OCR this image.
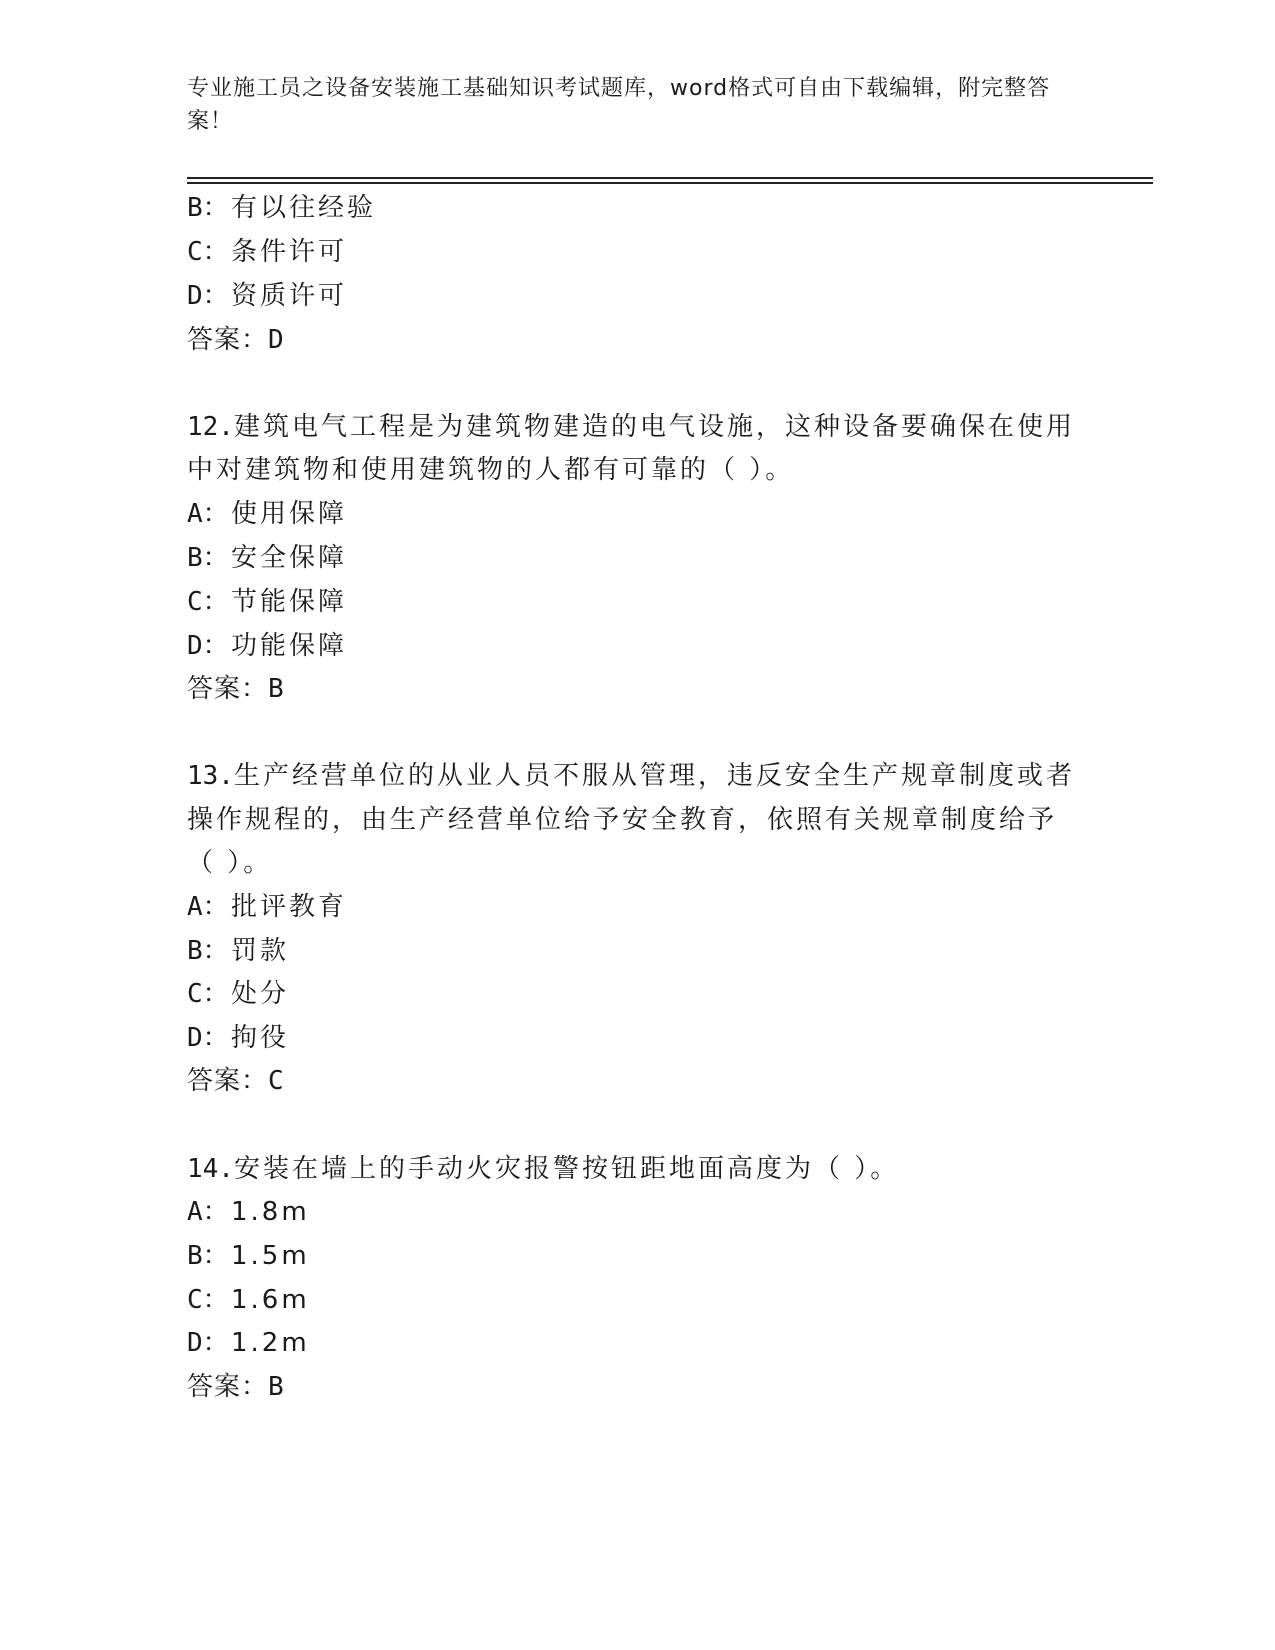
专业施工员之设备安装施工基础知识考试题库，word格式可自由下载编辑，附完整答案！
B：有以往经验
C：条件许可
D：资质许可
答案：D
12.建筑电气工程是为建筑物建造的电气设施，这种设备要确保在使用
中对建筑物和使用建筑物的人都有可靠的（ ）。
A：使用保障
B：安全保障
C：节能保障
D：功能保障
答案：B
13.生产经营单位的从业人员不服从管理，违反安全生产规章制度或者
操作规程的，由生产经营单位给予安全教育，依照有关规章制度给予
（ ）。
A：批评教育
B：罚款
C：处分
D：拘役
答案：C
14.安装在墙上的手动火灾报警按钮距地面高度为（ ）。
A：1.8m
B：1.5m
C：1.6m
D：1.2m
答案：B
